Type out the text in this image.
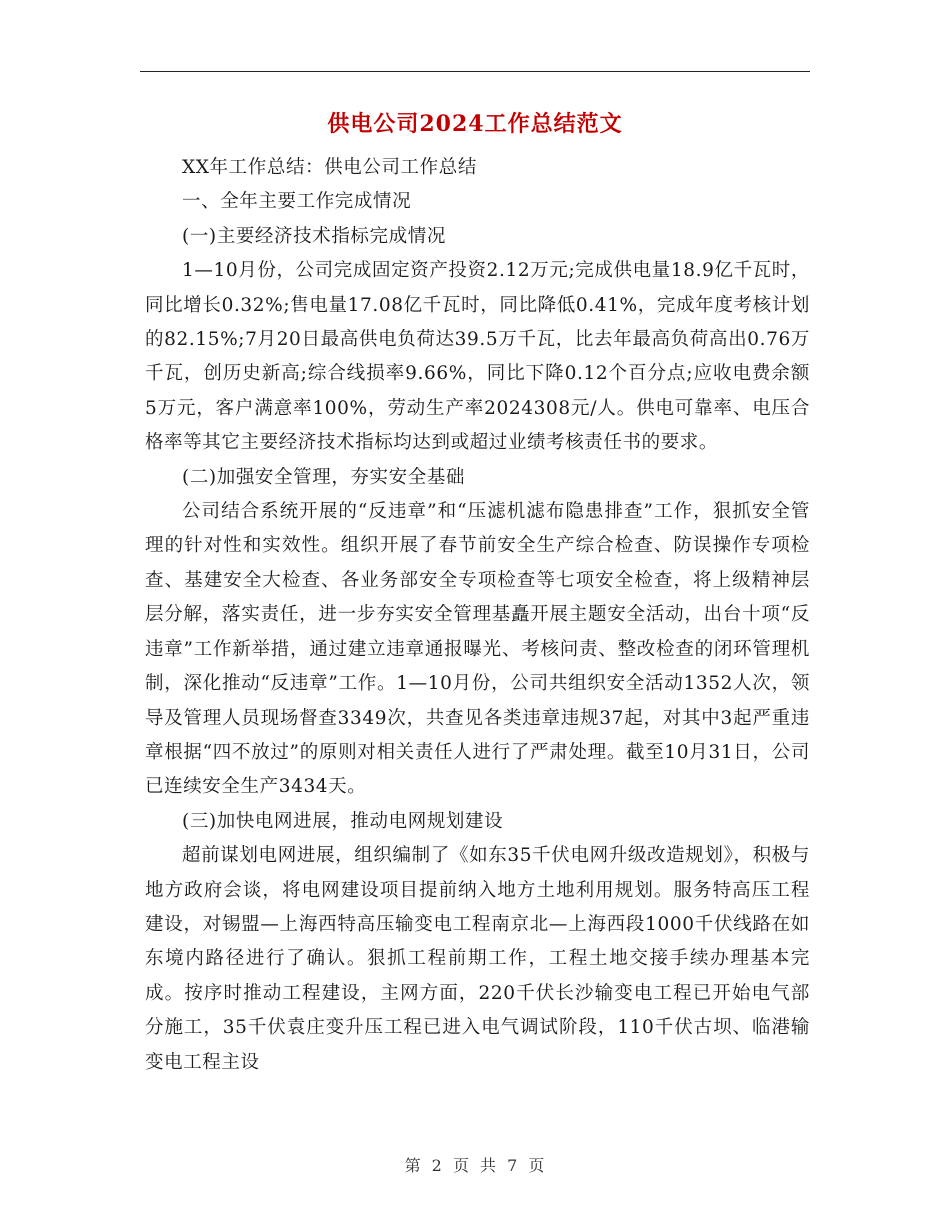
供电公司2024工作总结范文

XX年工作总结：供电公司工作总结

一、全年主要工作完成情况

(一)主要经济技术指标完成情况

1—10月份，公司完成固定资产投资2.12万元;完成供电量18.9亿千瓦时，同比增长0.32%;售电量17.08亿千瓦时，同比降低0.41%，完成年度考核计划的82.15%;7月20日最高供电负荷达39.5万千瓦，比去年最高负荷高出0.76万千瓦，创历史新高;综合线损率9.66%，同比下降0.12个百分点;应收电费余额5万元，客户满意率100%，劳动生产率2024308元/人。供电可靠率、电压合格率等其它主要经济技术指标均达到或超过业绩考核责任书的要求。

(二)加强安全管理，夯实安全基础

公司结合系统开展的“反违章”和“压滤机滤布隐患排查”工作，狠抓安全管理的针对性和实效性。组织开展了春节前安全生产综合检查、防误操作专项检查、基建安全大检查、各业务部安全专项检查等七项安全检查，将上级精神层层分解，落实责任，进一步夯实安全管理基矗开展主题安全活动，出台十项“反违章”工作新举措，通过建立违章通报曝光、考核问责、整改检查的闭环管理机制，深化推动“反违章”工作。1—10月份，公司共组织安全活动1352人次，领导及管理人员现场督查3349次，共查见各类违章违规37起，对其中3起严重违章根据“四不放过”的原则对相关责任人进行了严肃处理。截至10月31日，公司已连续安全生产3434天。

(三)加快电网进展，推动电网规划建设

超前谋划电网进展，组织编制了《如东35千伏电网升级改造规划》，积极与地方政府会谈，将电网建设项目提前纳入地方土地利用规划。服务特高压工程建设，对锡盟—上海西特高压输变电工程南京北—上海西段1000千伏线路在如东境内路径进行了确认。狠抓工程前期工作，工程土地交接手续办理基本完成。按序时推动工程建设，主网方面，220千伏长沙输变电工程已开始电气部分施工，35千伏袁庄变升压工程已进入电气调试阶段，110千伏古坝、临港输变电工程主设

第 2 页 共 7 页
